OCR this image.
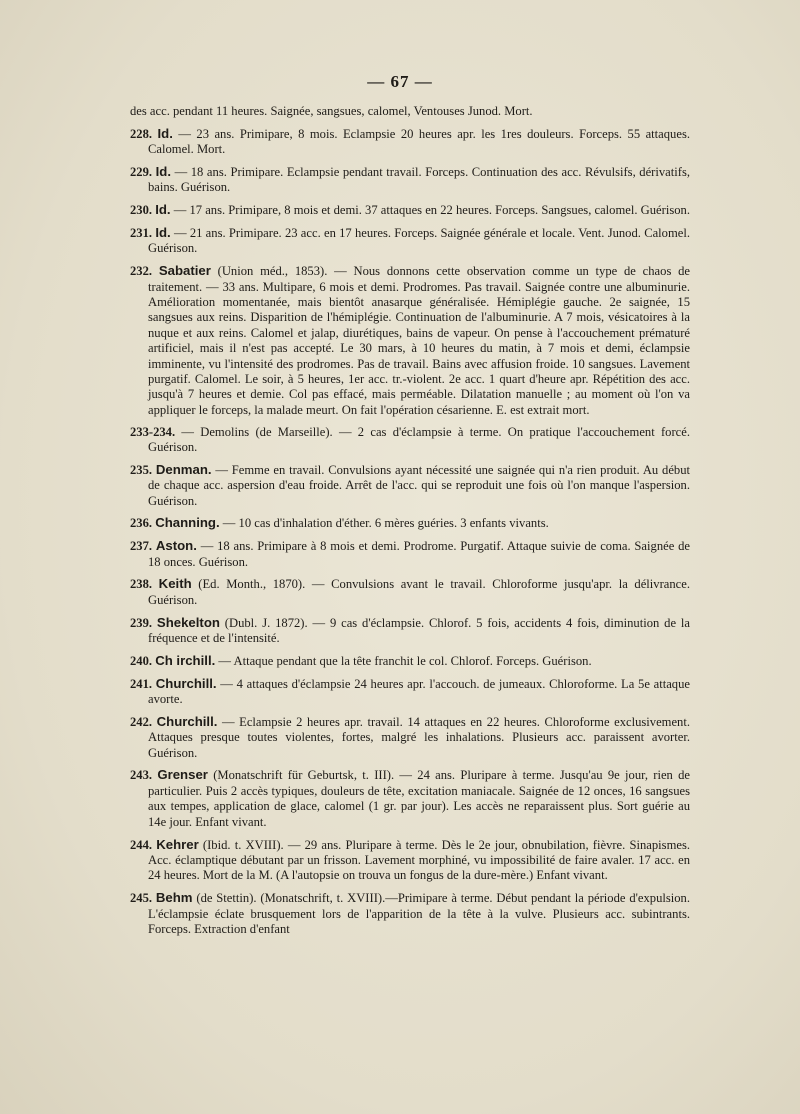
— 67 —

des acc. pendant 11 heures. Saignée, sangsues, calomel, Ventouses Junod. Mort.

228. Id. — 23 ans. Primipare, 8 mois. Eclampsie 20 heures apr. les 1res douleurs. Forceps. 55 attaques. Calomel. Mort.

229. Id. — 18 ans. Primipare. Eclampsie pendant travail. Forceps. Continuation des acc. Révulsifs, dérivatifs, bains. Guérison.

230. Id. — 17 ans. Primipare, 8 mois et demi. 37 attaques en 22 heures. Forceps. Sangsues, calomel. Guérison.

231. Id. — 21 ans. Primipare. 23 acc. en 17 heures. Forceps. Saignée générale et locale. Vent. Junod. Calomel. Guérison.

232. Sabatier (Union méd., 1853). — Nous donnons cette observation comme un type de chaos de traitement. — 33 ans. Multipare, 6 mois et demi. Prodromes. Pas travail. Saignée contre une albuminurie. Amélioration momentanée, mais bientôt anasarque généralisée. Hémiplégie gauche. 2e saignée, 15 sangsues aux reins. Disparition de l'hémiplégie. Continuation de l'albuminurie. A 7 mois, vésicatoires à la nuque et aux reins. Calomel et jalap, diurétiques, bains de vapeur. On pense à l'accouchement prématuré artificiel, mais il n'est pas accepté. Le 30 mars, à 10 heures du matin, à 7 mois et demi, éclampsie imminente, vu l'intensité des prodromes. Pas de travail. Bains avec affusion froide. 10 sangsues. Lavement purgatif. Calomel. Le soir, à 5 heures, 1er acc. tr.-violent. 2e acc. 1 quart d'heure apr. Répétition des acc. jusqu'à 7 heures et demie. Col pas effacé, mais perméable. Dilatation manuelle ; au moment où l'on va appliquer le forceps, la malade meurt. On fait l'opération césarienne. E. est extrait mort.

233-234. — Demolins (de Marseille). — 2 cas d'éclampsie à terme. On pratique l'accouchement forcé. Guérison.

235. Denman. — Femme en travail. Convulsions ayant nécessité une saignée qui n'a rien produit. Au début de chaque acc. aspersion d'eau froide. Arrêt de l'acc. qui se reproduit une fois où l'on manque l'aspersion. Guérison.

236. Channing. — 10 cas d'inhalation d'éther. 6 mères guéries. 3 enfants vivants.

237. Aston. — 18 ans. Primipare à 8 mois et demi. Prodrome. Purgatif. Attaque suivie de coma. Saignée de 18 onces. Guérison.

238. Keith (Ed. Month., 1870). — Convulsions avant le travail. Chloroforme jusqu'apr. la délivrance. Guérison.

239. Shekelton (Dubl. J. 1872). — 9 cas d'éclampsie. Chlorof. 5 fois, accidents 4 fois, diminution de la fréquence et de l'intensité.

240. Ch irchill. — Attaque pendant que la tête franchit le col. Chlorof. Forceps. Guérison.

241. Churchill. — 4 attaques d'éclampsie 24 heures apr. l'accouch. de jumeaux. Chloroforme. La 5e attaque avorte.

242. Churchill. — Eclampsie 2 heures apr. travail. 14 attaques en 22 heures. Chloroforme exclusivement. Attaques presque toutes violentes, fortes, malgré les inhalations. Plusieurs acc. paraissent avorter. Guérison.

243. Grenser (Monatschrift für Geburtsk, t. III). — 24 ans. Pluripare à terme. Jusqu'au 9e jour, rien de particulier. Puis 2 accès typiques, douleurs de tête, excitation maniacale. Saignée de 12 onces, 16 sangsues aux tempes, application de glace, calomel (1 gr. par jour). Les accès ne reparaissent plus. Sort guérie au 14e jour. Enfant vivant.

244. Kehrer (Ibid. t. XVIII). — 29 ans. Pluripare à terme. Dès le 2e jour, obnubilation, fièvre. Sinapismes. Acc. éclamptique débutant par un frisson. Lavement morphiné, vu impossibilité de faire avaler. 17 acc. en 24 heures. Mort de la M. (A l'autopsie on trouva un fongus de la dure-mère.) Enfant vivant.

245. Behm (de Stettin). (Monatschrift, t. XVIII).—Primipare à terme. Début pendant la période d'expulsion. L'éclampsie éclate brusquement lors de l'apparition de la tête à la vulve. Plusieurs acc. subintrants. Forceps. Extraction d'enfant
